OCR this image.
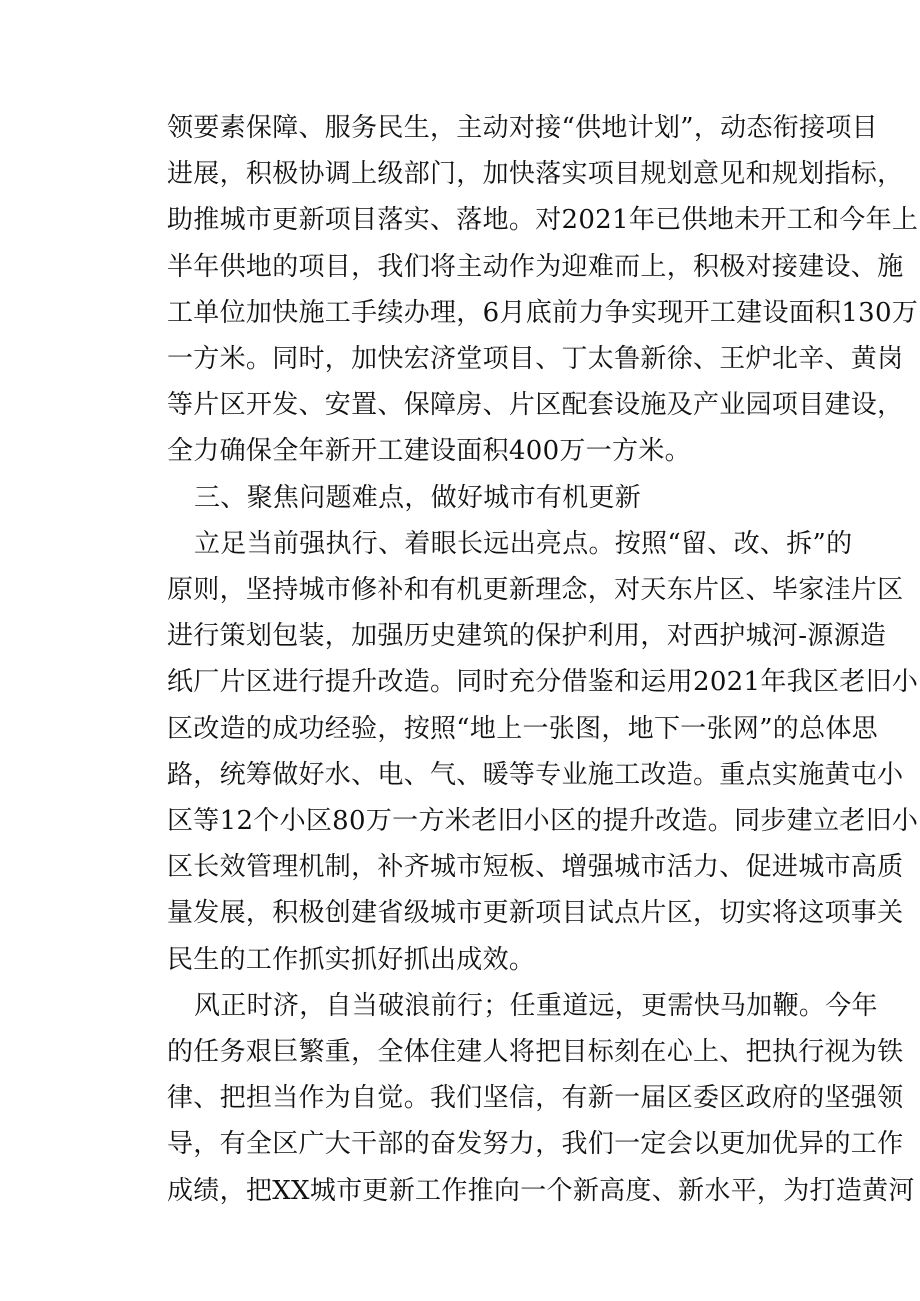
领要素保障、服务民生，主动对接“供地计划”，动态衔接项目
进展，积极协调上级部门，加快落实项目规划意见和规划指标，
助推城市更新项目落实、落地。对2021年已供地未开工和今年上
半年供地的项目，我们将主动作为迎难而上，积极对接建设、施
工单位加快施工手续办理，6月底前力争实现开工建设面积130万
一方米。同时，加快宏济堂项目、丁太鲁新徐、王炉北辛、黄岗
等片区开发、安置、保障房、片区配套设施及产业园项目建设，
全力确保全年新开工建设面积400万一方米。
三、聚焦问题难点，做好城市有机更新
立足当前强执行、着眼长远出亮点。按照“留、改、拆”的
原则，坚持城市修补和有机更新理念，对天东片区、毕家洼片区
进行策划包装，加强历史建筑的保护利用，对西护城河-源源造
纸厂片区进行提升改造。同时充分借鉴和运用2021年我区老旧小
区改造的成功经验，按照“地上一张图，地下一张网”的总体思
路，统筹做好水、电、气、暖等专业施工改造。重点实施黄屯小
区等12个小区80万一方米老旧小区的提升改造。同步建立老旧小
区长效管理机制，补齐城市短板、增强城市活力、促进城市高质
量发展，积极创建省级城市更新项目试点片区，切实将这项事关
民生的工作抓实抓好抓出成效。
风正时济，自当破浪前行；任重道远，更需快马加鞭。今年
的任务艰巨繁重，全体住建人将把目标刻在心上、把执行视为铁
律、把担当作为自觉。我们坚信，有新一届区委区政府的坚强领
导，有全区广大干部的奋发努力，我们一定会以更加优异的工作
成绩，把XX城市更新工作推向一个新高度、新水平，为打造黄河
